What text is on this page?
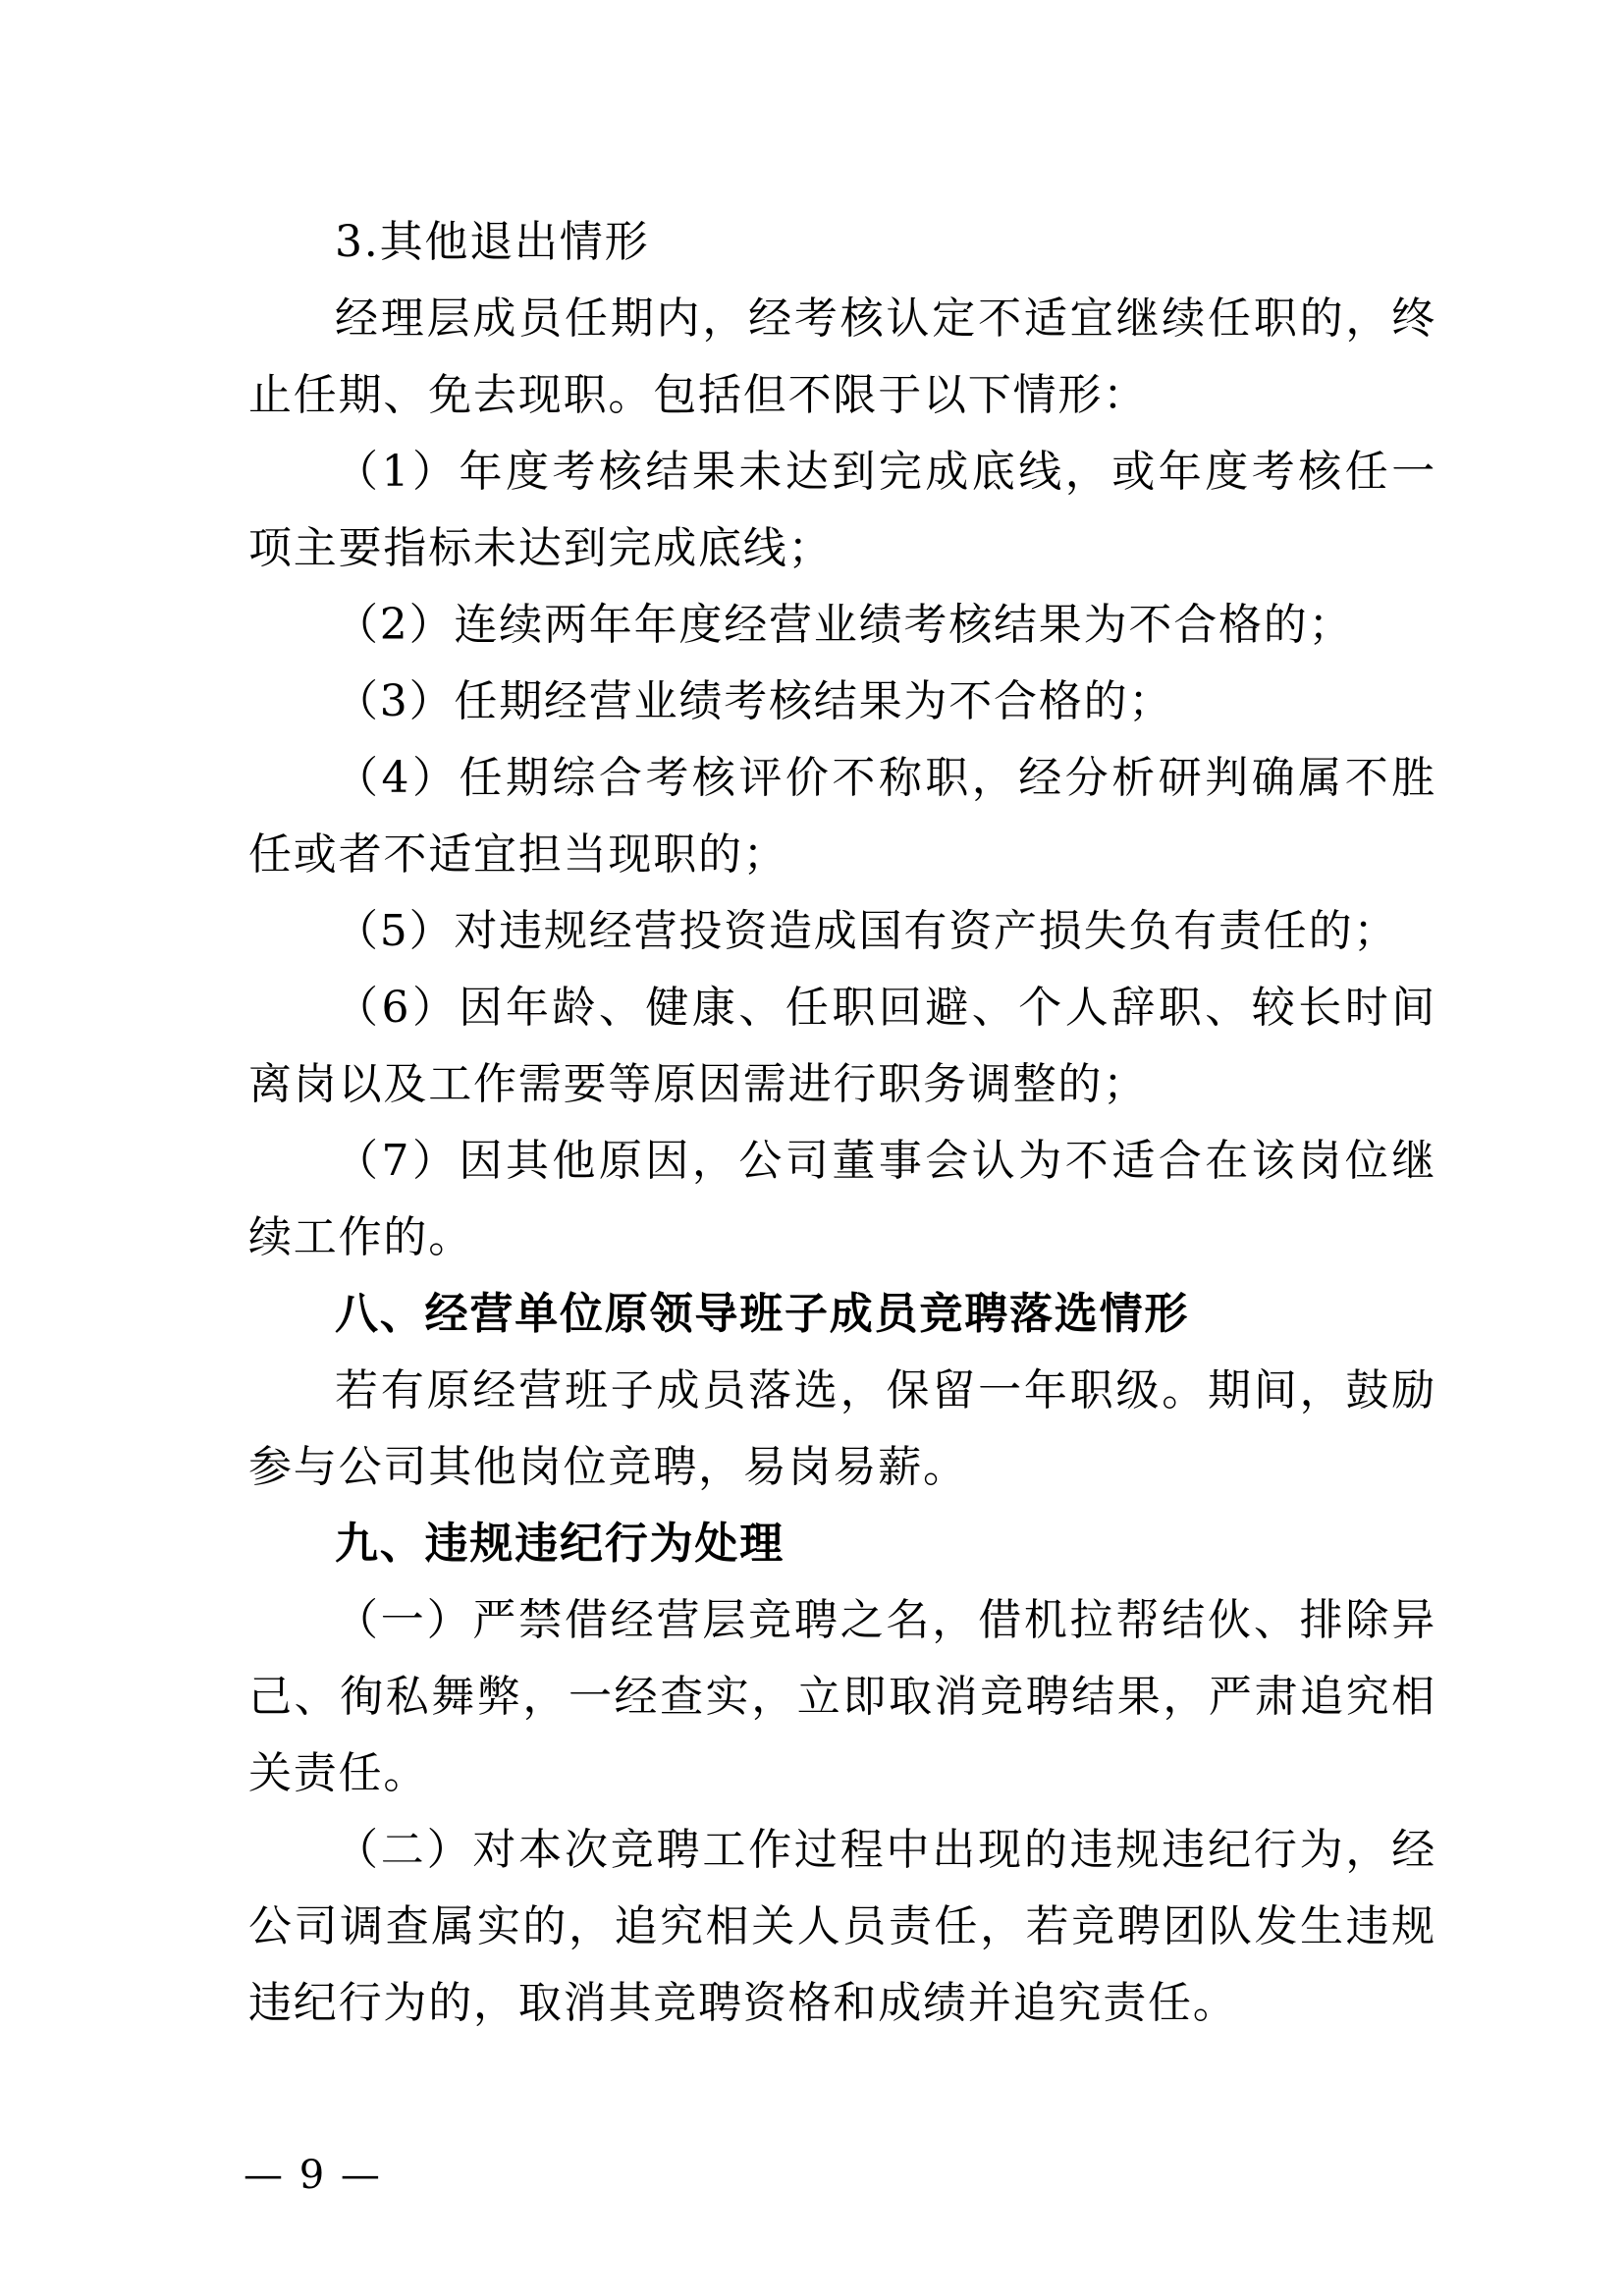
3.其他退出情形

经理层成员任期内，经考核认定不适宜继续任职的，终止任期、免去现职。包括但不限于以下情形：

（1）年度考核结果未达到完成底线，或年度考核任一项主要指标未达到完成底线；

（2）连续两年年度经营业绩考核结果为不合格的；

（3）任期经营业绩考核结果为不合格的；

（4）任期综合考核评价不称职，经分析研判确属不胜任或者不适宜担当现职的；

（5）对违规经营投资造成国有资产损失负有责任的；

（6）因年龄、健康、任职回避、个人辞职、较长时间离岗以及工作需要等原因需进行职务调整的；

（7）因其他原因，公司董事会认为不适合在该岗位继续工作的。

八、经营单位原领导班子成员竞聘落选情形

若有原经营班子成员落选，保留一年职级。期间，鼓励参与公司其他岗位竞聘，易岗易薪。

九、违规违纪行为处理

（一）严禁借经营层竞聘之名，借机拉帮结伙、排除异己、徇私舞弊，一经查实，立即取消竞聘结果，严肃追究相关责任。

（二）对本次竞聘工作过程中出现的违规违纪行为，经公司调查属实的，追究相关人员责任，若竞聘团队发生违规违纪行为的，取消其竞聘资格和成绩并追究责任。

— 9 —
